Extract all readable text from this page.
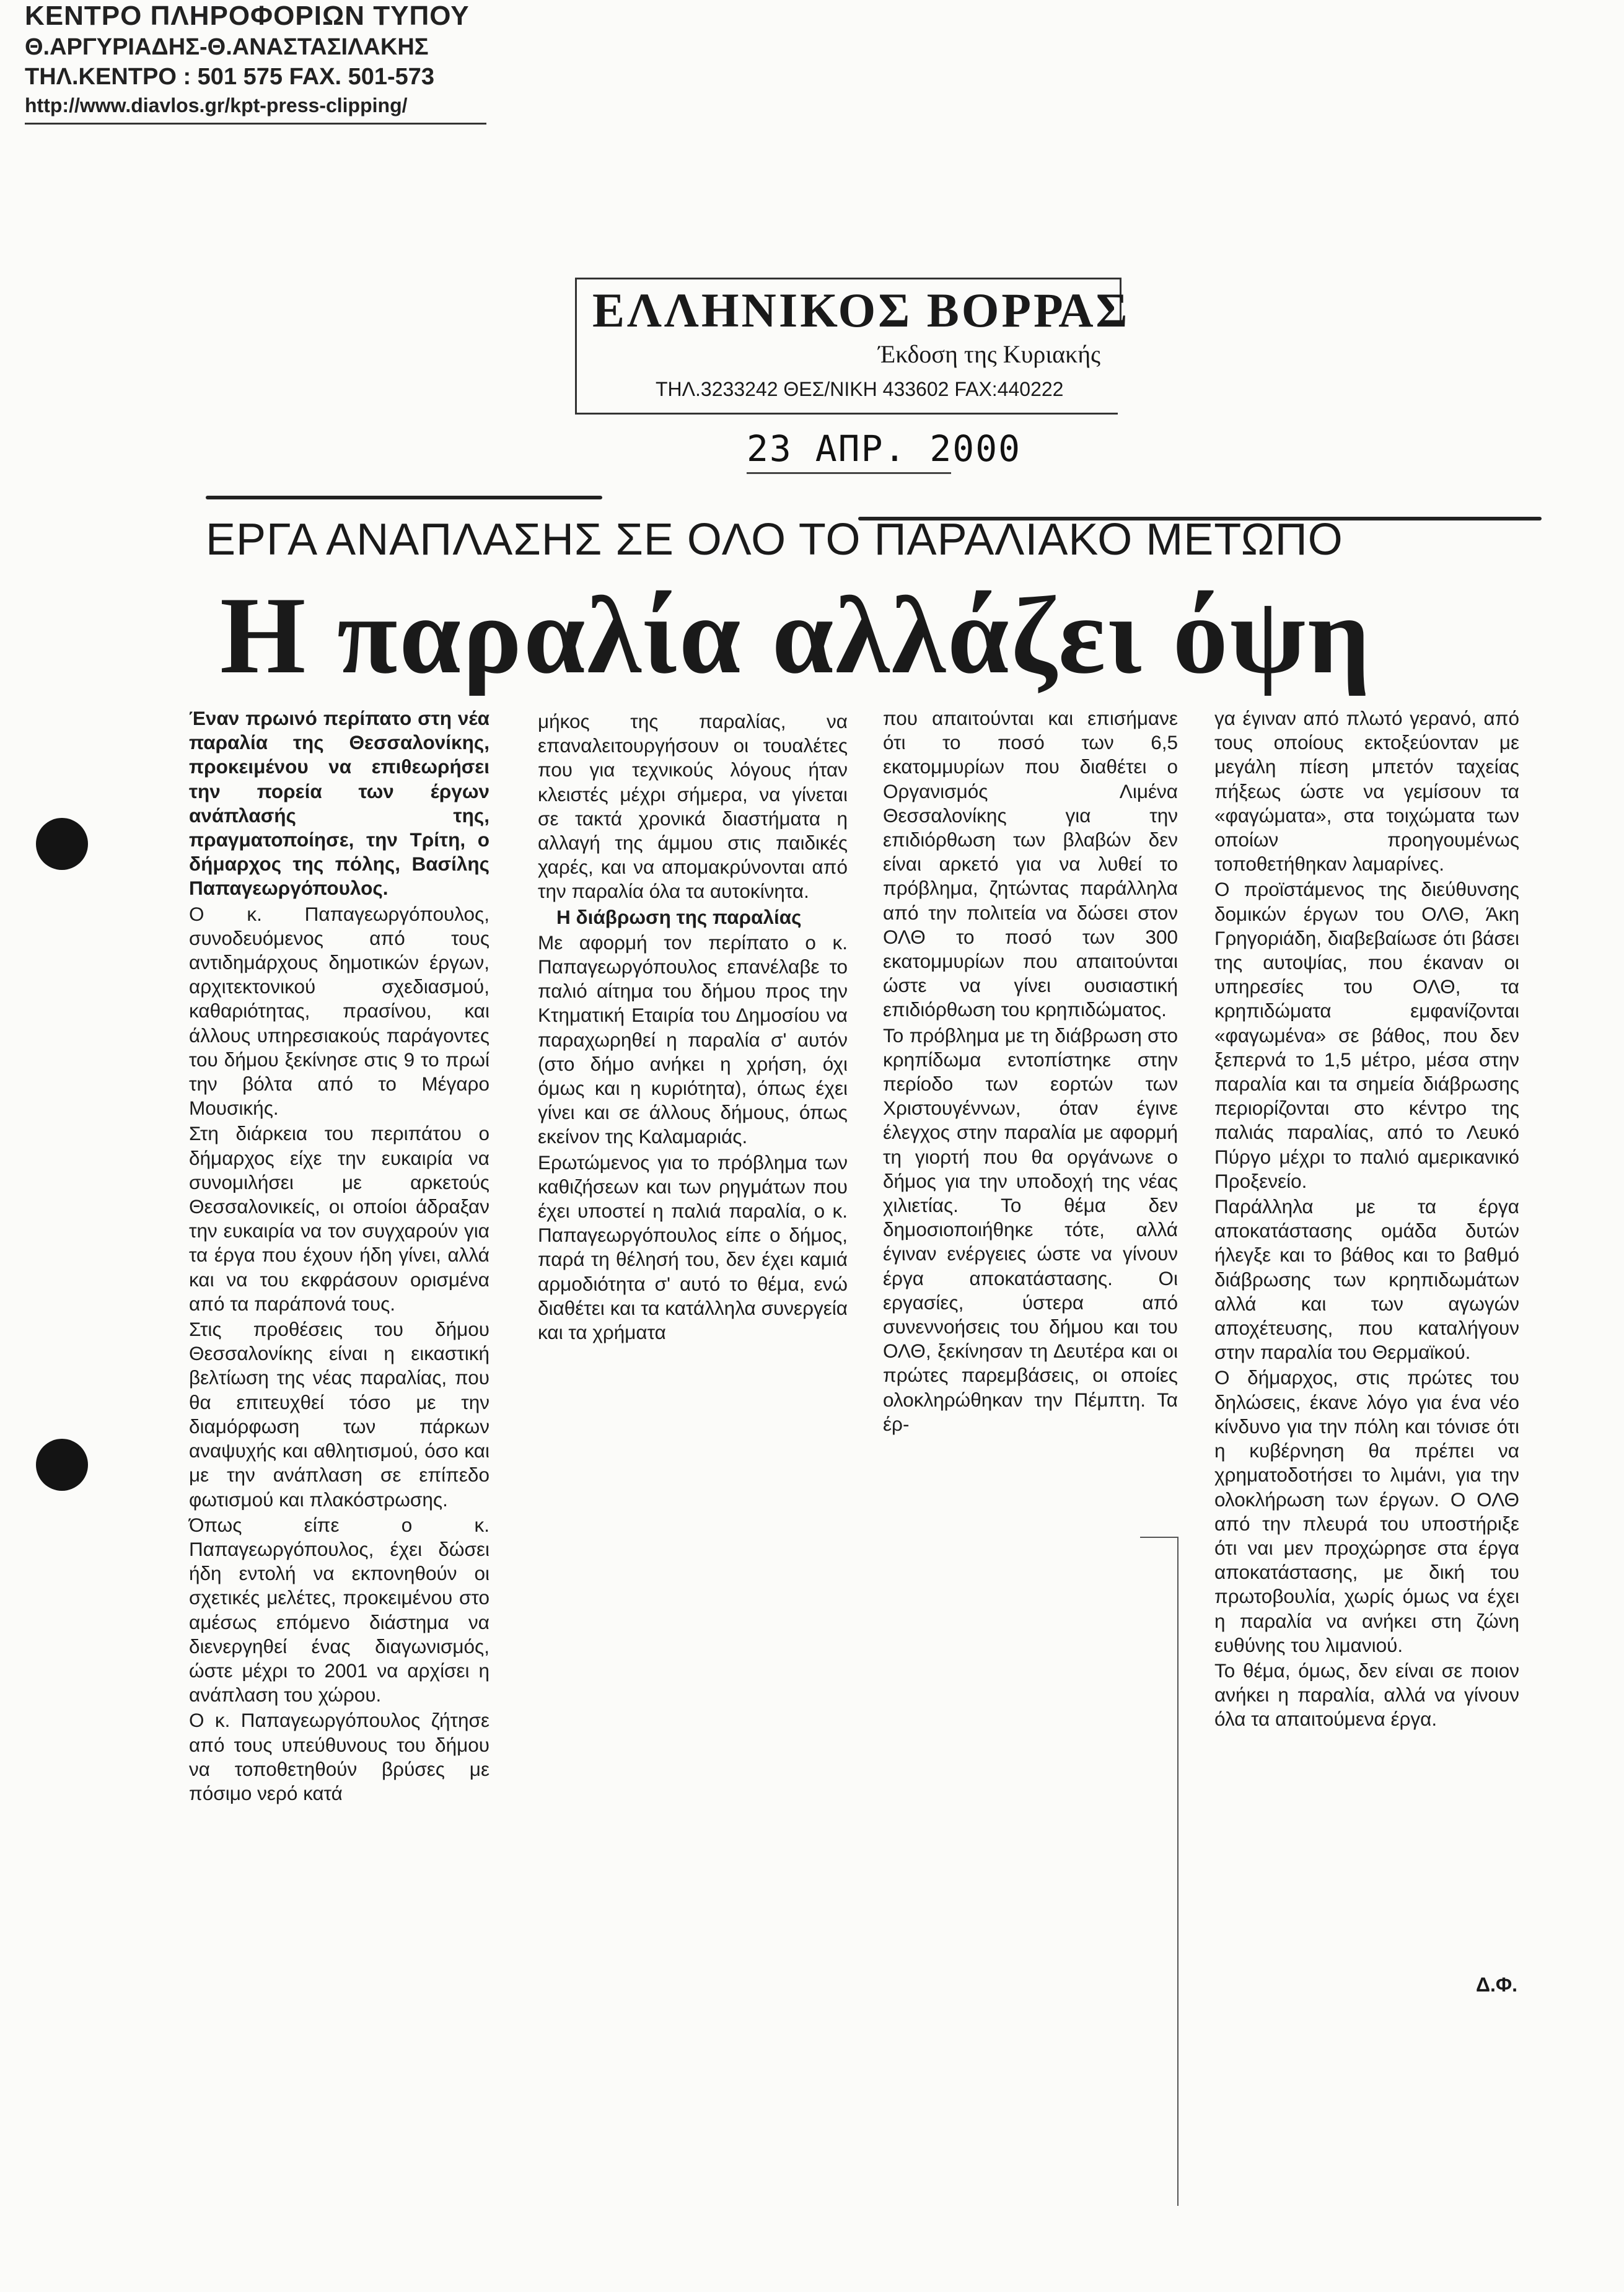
ΚΕΝΤΡΟ ΠΛΗΡΟΦΟΡΙΩΝ ΤΥΠΟΥ
Θ.ΑΡΓΥΡΙΑΔΗΣ-Θ.ΑΝΑΣΤΑΣΙΛΑΚΗΣ
ΤΗΛ.ΚΕΝΤΡΟ : 501 575 FAX. 501-573
http://www.diavlos.gr/kpt-press-clipping/
ΕΛΛΗΝΙΚΟΣ ΒΟΡΡΑΣ
Έκδοση της Κυριακής
ΤΗΛ.3233242 ΘΕΣ/ΝΙΚΗ 433602 FAX:440222
23 ΑΠΡ. 2000
ΕΡΓΑ ΑΝΑΠΛΑΣΗΣ ΣΕ ΟΛΟ ΤΟ ΠΑΡΑΛΙΑΚΟ ΜΕΤΩΠΟ
Η παραλία αλλάζει όψη

Έναν πρωινό περίπατο στη νέα παραλία της Θεσσαλονίκης, προκειμένου να επιθεωρήσει την πορεία των έργων ανάπλασής της, πραγματοποίησε, την Τρίτη, ο δήμαρχος της πόλης, Βασίλης Παπαγεωργόπουλος.

Ο κ. Παπαγεωργόπουλος, συνοδευόμενος από τους αντιδημάρχους δημοτικών έργων, αρχιτεκτονικού σχεδιασμού, καθαριότητας, πρασίνου, και άλλους υπηρεσιακούς παράγοντες του δήμου ξεκίνησε στις 9 το πρωί την βόλτα από το Μέγαρο Μουσικής.

Στη διάρκεια του περιπάτου ο δήμαρχος είχε την ευκαιρία να συνομιλήσει με αρκετούς Θεσσαλονικείς, οι οποίοι άδραξαν την ευκαιρία να τον συγχαρούν για τα έργα που έχουν ήδη γίνει, αλλά και να του εκφράσουν ορισμένα από τα παράπονά τους.

Στις προθέσεις του δήμου Θεσσαλονίκης είναι η εικαστική βελτίωση της νέας παραλίας, που θα επιτευχθεί τόσο με την διαμόρφωση των πάρκων αναψυχής και αθλητισμού, όσο και με την ανάπλαση σε επίπεδο φωτισμού και πλακόστρωσης.

Όπως είπε ο κ. Παπαγεωργόπουλος, έχει δώσει ήδη εντολή να εκπονηθούν οι σχετικές μελέτες, προκειμένου στο αμέσως επόμενο διάστημα να διενεργηθεί ένας διαγωνισμός, ώστε μέχρι το 2001 να αρχίσει η ανάπλαση του χώρου.

Ο κ. Παπαγεωργόπουλος ζήτησε από τους υπεύθυνους του δήμου να τοποθετηθούν βρύσες με πόσιμο νερό κατά

μήκος της παραλίας, να επαναλειτουργήσουν οι τουαλέτες που για τεχνικούς λόγους ήταν κλειστές μέχρι σήμερα, να γίνεται σε τακτά χρονικά διαστήματα η αλλαγή της άμμου στις παιδικές χαρές, και να απομακρύνονται από την παραλία όλα τα αυτοκίνητα.

Η διάβρωση της παραλίας

Με αφορμή τον περίπατο ο κ. Παπαγεωργόπουλος επανέλαβε το παλιό αίτημα του δήμου προς την Κτηματική Εταιρία του Δημοσίου να παραχωρηθεί η παραλία σ' αυτόν (στο δήμο ανήκει η χρήση, όχι όμως και η κυριότητα), όπως έχει γίνει και σε άλλους δήμους, όπως εκείνον της Καλαμαριάς.

Ερωτώμενος για το πρόβλημα των καθιζήσεων και των ρηγμάτων που έχει υποστεί η παλιά παραλία, ο κ. Παπαγεωργόπουλος είπε ο δήμος, παρά τη θέλησή του, δεν έχει καμιά αρμοδιότητα σ' αυτό το θέμα, ενώ διαθέτει και τα κατάλληλα συνεργεία και τα χρήματα

που απαιτούνται και επισήμανε ότι το ποσό των 6,5 εκατομμυρίων που διαθέτει ο Οργανισμός Λιμένα Θεσσαλονίκης για την επιδιόρθωση των βλαβών δεν είναι αρκετό για να λυθεί το πρόβλημα, ζητώντας παράλληλα από την πολιτεία να δώσει στον ΟΛΘ το ποσό των 300 εκατομμυρίων που απαιτούνται ώστε να γίνει ουσιαστική επιδιόρθωση του κρηπιδώματος.

Το πρόβλημα με τη διάβρωση στο κρηπίδωμα εντοπίστηκε στην περίοδο των εορτών των Χριστουγέννων, όταν έγινε έλεγχος στην παραλία με αφορμή τη γιορτή που θα οργάνωνε ο δήμος για την υποδοχή της νέας χιλιετίας. Το θέμα δεν δημοσιοποιήθηκε τότε, αλλά έγιναν ενέργειες ώστε να γίνουν έργα αποκατάστασης. Οι εργασίες, ύστερα από συνεννοήσεις του δήμου και του ΟΛΘ, ξεκίνησαν τη Δευτέρα και οι πρώτες παρεμβάσεις, οι οποίες ολοκληρώθηκαν την Πέμπτη. Τα έρ-

γα έγιναν από πλωτό γερανό, από τους οποίους εκτοξεύονταν με μεγάλη πίεση μπετόν ταχείας πήξεως ώστε να γεμίσουν τα «φαγώματα», στα τοιχώματα των οποίων προηγουμένως τοποθετήθηκαν λαμαρίνες.

Ο προϊστάμενος της διεύθυνσης δομικών έργων του ΟΛΘ, Άκη Γρηγοριάδη, διαβεβαίωσε ότι βάσει της αυτοψίας, που έκαναν οι υπηρεσίες του ΟΛΘ, τα κρηπιδώματα εμφανίζονται «φαγωμένα» σε βάθος, που δεν ξεπερνά το 1,5 μέτρο, μέσα στην παραλία και τα σημεία διάβρωσης περιορίζονται στο κέντρο της παλιάς παραλίας, από το Λευκό Πύργο μέχρι το παλιό αμερικανικό Προξενείο.

Παράλληλα με τα έργα αποκατάστασης ομάδα δυτών ήλεγξε και το βάθος και το βαθμό διάβρωσης των κρηπιδωμάτων αλλά και των αγωγών αποχέτευσης, που καταλήγουν στην παραλία του Θερμαϊκού.

Ο δήμαρχος, στις πρώτες του δηλώσεις, έκανε λόγο για ένα νέο κίνδυνο για την πόλη και τόνισε ότι η κυβέρνηση θα πρέπει να χρηματοδοτήσει το λιμάνι, για την ολοκλήρωση των έργων. Ο ΟΛΘ από την πλευρά του υποστήριξε ότι ναι μεν προχώρησε στα έργα αποκατάστασης, με δική του πρωτοβουλία, χωρίς όμως να έχει η παραλία να ανήκει στη ζώνη ευθύνης του λιμανιού.

Το θέμα, όμως, δεν είναι σε ποιον ανήκει η παραλία, αλλά να γίνουν όλα τα απαιτούμενα έργα.

Δ.Φ.
